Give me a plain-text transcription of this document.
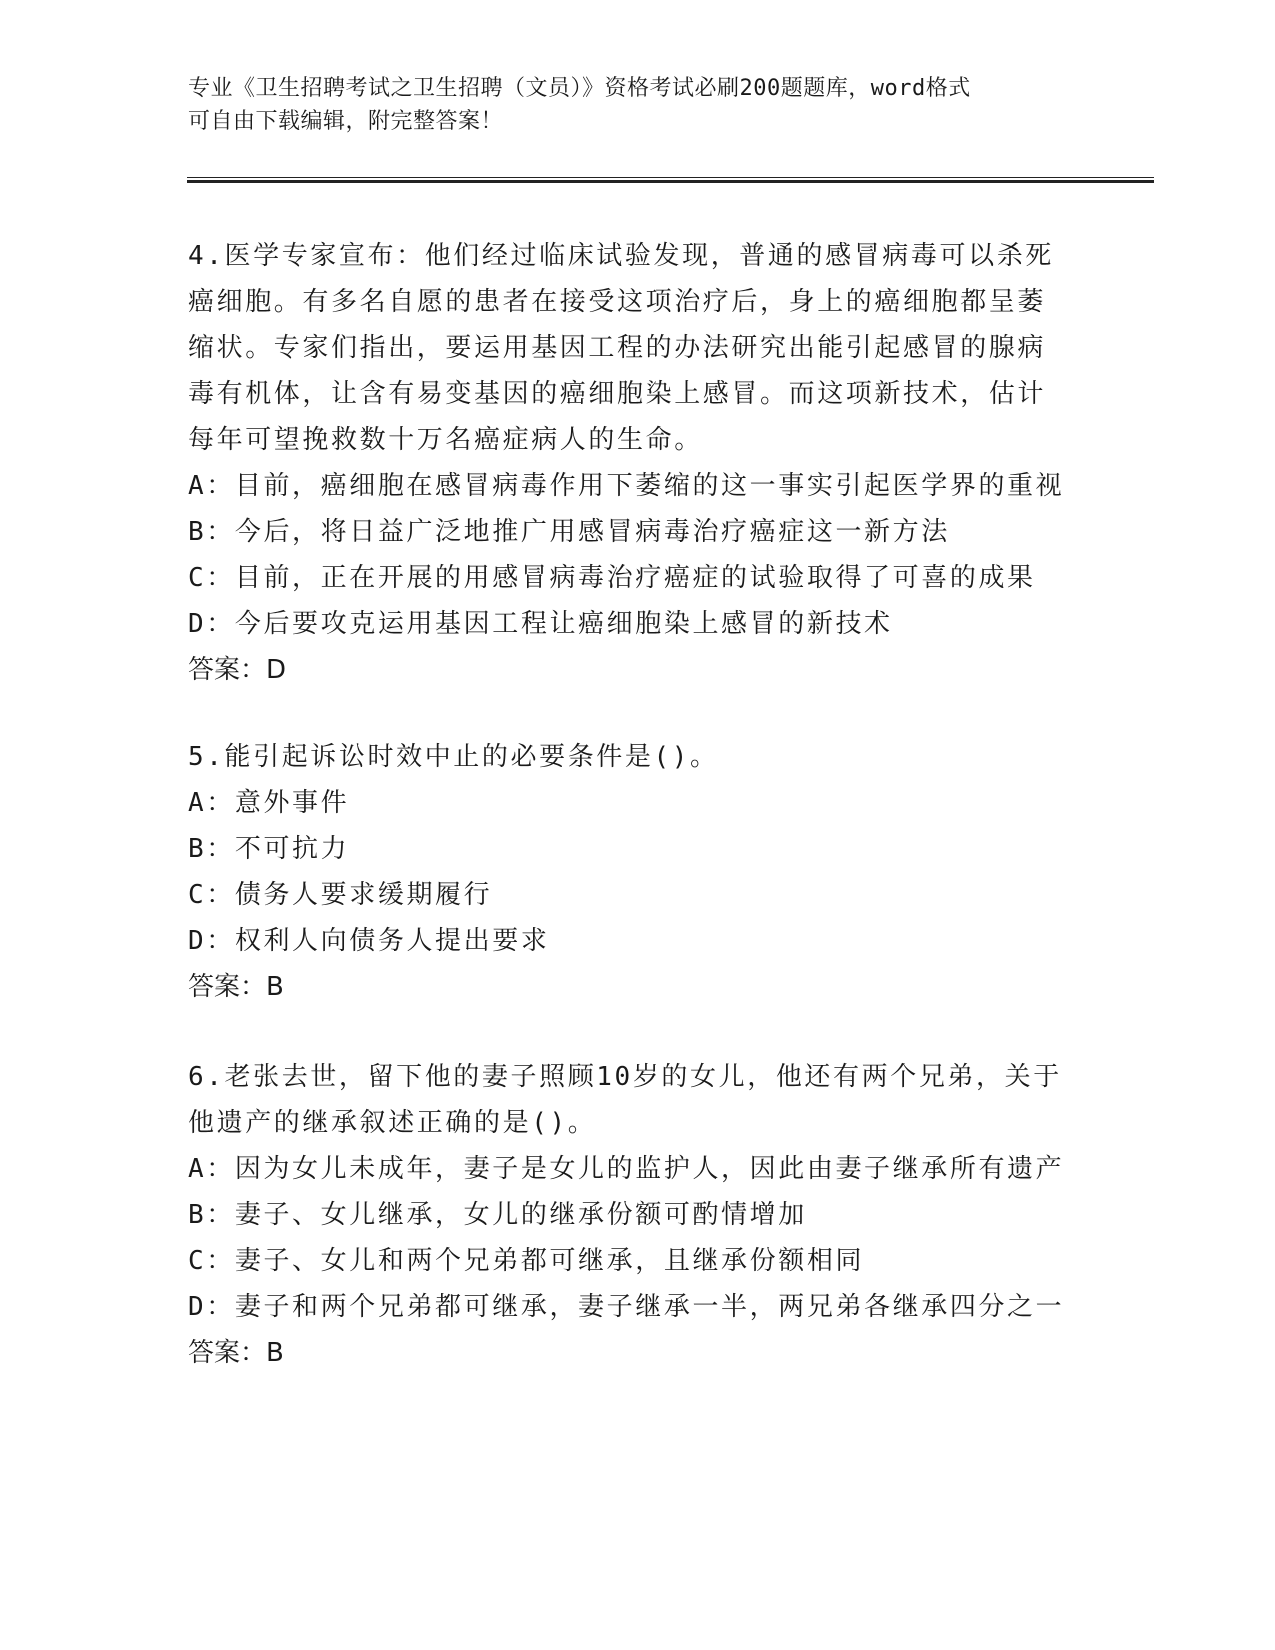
专业《卫生招聘考试之卫生招聘（文员）》资格考试必刷200题题库，word格式

可自由下载编辑，附完整答案！

4.医学专家宣布：他们经过临床试验发现，普通的感冒病毒可以杀死

癌细胞。有多名自愿的患者在接受这项治疗后，身上的癌细胞都呈萎

缩状。专家们指出，要运用基因工程的办法研究出能引起感冒的腺病

毒有机体，让含有易变基因的癌细胞染上感冒。而这项新技术，估计

每年可望挽救数十万名癌症病人的生命。

A：目前，癌细胞在感冒病毒作用下萎缩的这一事实引起医学界的重视

B：今后，将日益广泛地推广用感冒病毒治疗癌症这一新方法

C：目前，正在开展的用感冒病毒治疗癌症的试验取得了可喜的成果

D：今后要攻克运用基因工程让癌细胞染上感冒的新技术

答案：D

5.能引起诉讼时效中止的必要条件是()。

A：意外事件

B：不可抗力

C：债务人要求缓期履行

D：权利人向债务人提出要求

答案：B

6.老张去世，留下他的妻子照顾10岁的女儿，他还有两个兄弟，关于

他遗产的继承叙述正确的是()。

A：因为女儿未成年，妻子是女儿的监护人，因此由妻子继承所有遗产

B：妻子、女儿继承，女儿的继承份额可酌情增加

C：妻子、女儿和两个兄弟都可继承，且继承份额相同

D：妻子和两个兄弟都可继承，妻子继承一半，两兄弟各继承四分之一

答案：B
